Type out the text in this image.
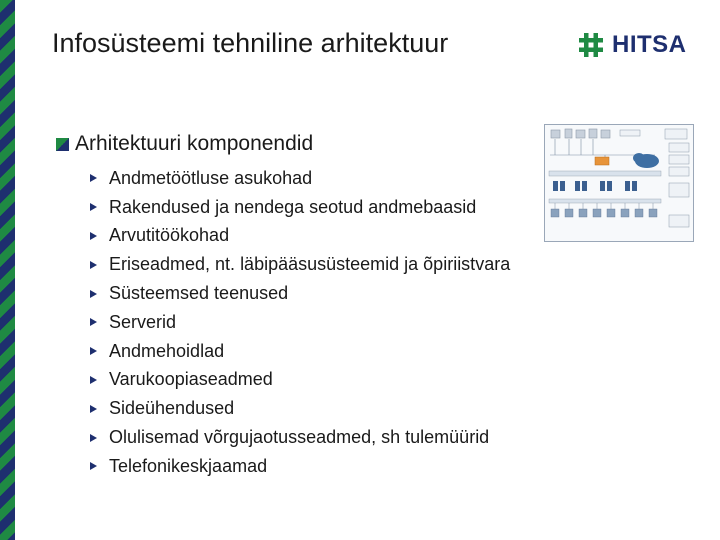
Infosüsteemi tehniline arhitektuur	HITSA
Arhitektuuri komponendid
Andmetöötluse asukohad
Rakendused ja nendega seotud andmebaasid
Arvutitöökohad
Eriseadmed, nt. läbipääsusüsteemid ja õpiriistvara
Süsteemsed teenused
Serverid
Andmehoidlad
Varukoopiaseadmed
Sideühendused
Olulisemad võrgujaotusseadmed, sh tulemüürid
Telefonikeskjaamad
